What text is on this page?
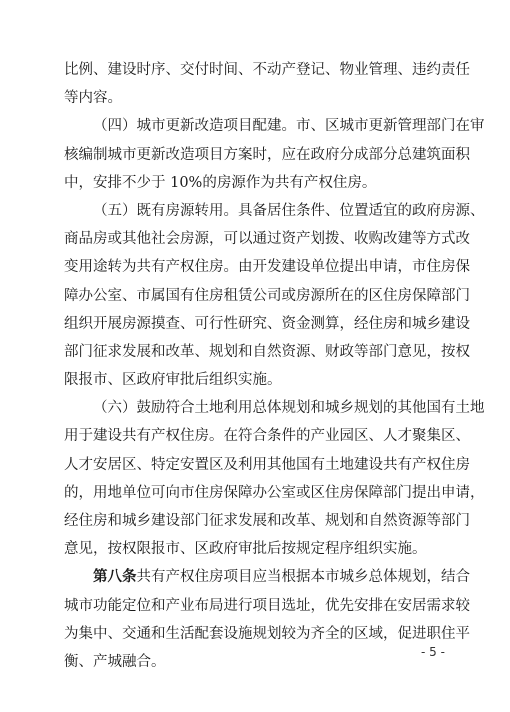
比例、建设时序、交付时间、不动产登记、物业管理、违约责任
等内容。
（四）城市更新改造项目配建。市、区城市更新管理部门在审
核编制城市更新改造项目方案时，应在政府分成部分总建筑面积
中，安排不少于 10%的房源作为共有产权住房。
（五）既有房源转用。具备居住条件、位置适宜的政府房源、
商品房或其他社会房源，可以通过资产划拨、收购改建等方式改
变用途转为共有产权住房。由开发建设单位提出申请，市住房保
障办公室、市属国有住房租赁公司或房源所在的区住房保障部门
组织开展房源摸查、可行性研究、资金测算，经住房和城乡建设
部门征求发展和改革、规划和自然资源、财政等部门意见，按权
限报市、区政府审批后组织实施。
（六）鼓励符合土地利用总体规划和城乡规划的其他国有土地
用于建设共有产权住房。在符合条件的产业园区、人才聚集区、
人才安居区、特定安置区及利用其他国有土地建设共有产权住房
的，用地单位可向市住房保障办公室或区住房保障部门提出申请，
经住房和城乡建设部门征求发展和改革、规划和自然资源等部门
意见，按权限报市、区政府审批后按规定程序组织实施。
第八条共有产权住房项目应当根据本市城乡总体规划，结合
城市功能定位和产业布局进行项目选址，优先安排在安居需求较
为集中、交通和生活配套设施规划较为齐全的区域，促进职住平
衡、产城融合。
- 5 -
